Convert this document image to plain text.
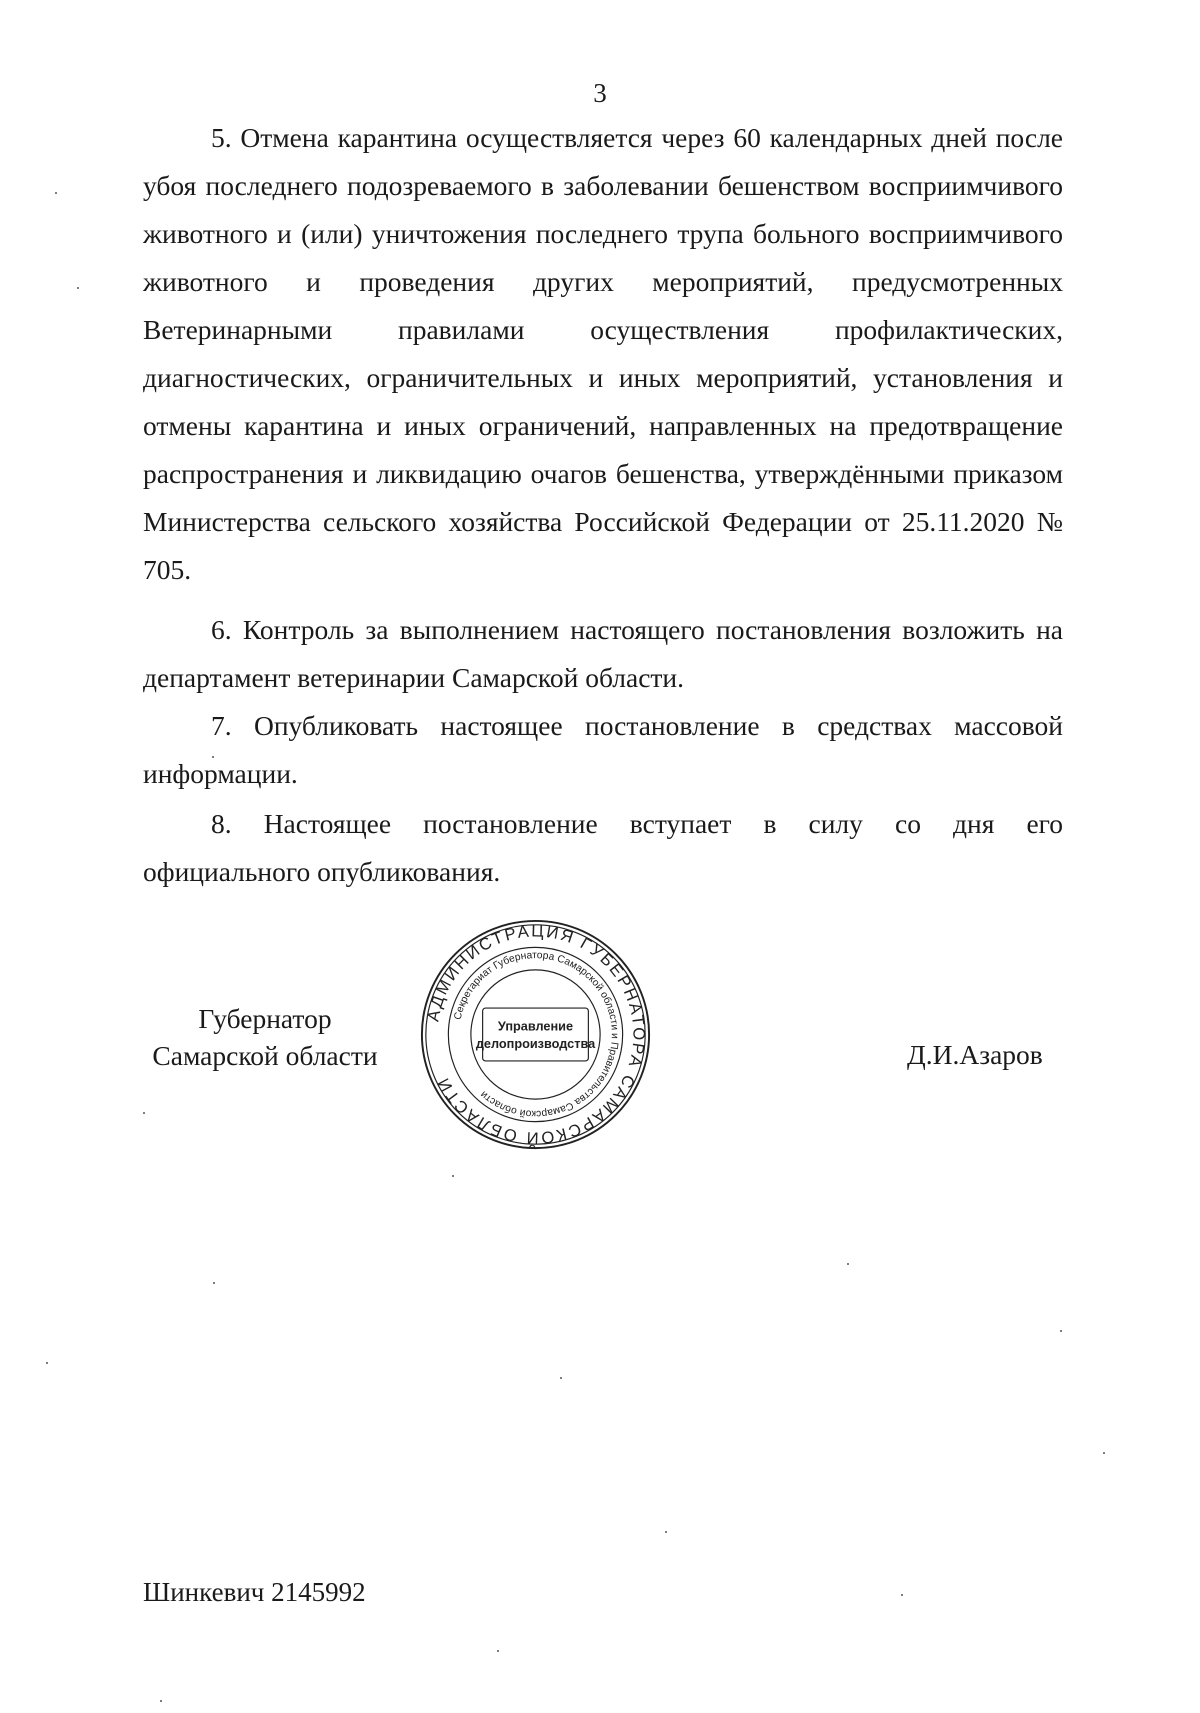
3

5. Отмена карантина осуществляется через 60 календарных дней после убоя последнего подозреваемого в заболевании бешенством восприимчивого животного и (или) уничтожения последнего трупа больного восприимчивого животного и проведения других мероприятий, предусмотренных Ветеринарными правилами осуществления профилактических, диагностических, ограничительных и иных мероприятий, установления и отмены карантина и иных ограничений, направленных на предотвращение распространения и ликвидацию очагов бешенства, утверждёнными приказом Министерства сельского хозяйства Российской Федерации от 25.11.2020 № 705.

6. Контроль за выполнением настоящего постановления возложить на департамент ветеринарии Самарской области.

7. Опубликовать настоящее постановление в средствах массовой информации.

8. Настоящее постановление вступает в силу со дня его
официального опубликования.

Губернатор
Самарской области
АДМИНИСТРАЦИЯ ГУБЕРНАТОРА САМАРСКОЙ ОБЛАСТИ
Секретариат Губернатора Самарской области и Правительства Самарской области
Управление
делопроизводства	Д.И.Азаров
Шинкевич 2145992
